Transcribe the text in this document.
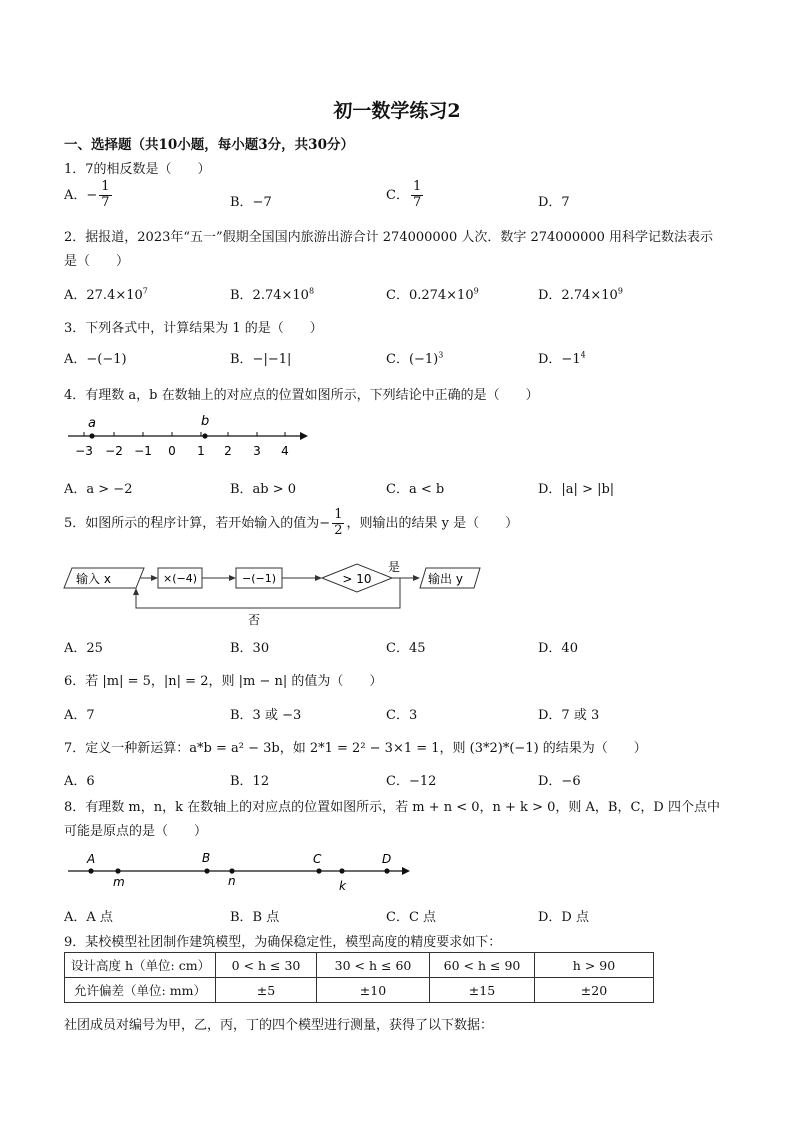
初一数学练习2
一、选择题（共10小题，每小题3分，共30分）
1．7的相反数是（　　）
A．− $\frac{1}{7}$	B．−7	C． $\frac{1}{7}$	D．7
2．据报道，2023年“五一”假期全国国内旅游出游合计 274000000 人次．数字 274000000 用科学记数法表示
是（　　）
A．$27.4\times 10^7$	B．$2.74\times 10^8$	C．$0.274\times 10^9$	D．$2.74\times 10^9$
3．下列各式中，计算结果为 1 的是（　　）
A．−(−1)	B．−|−1|	C．$(-1)^3$	D．$-1^4$
4．有理数 a，b 在数轴上的对应点的位置如图所示，下列结论中正确的是（　　）
a	b
−3 −2 −1 0 1 2 3 4
A．a > −2	B．ab > 0	C．a < b	D．|a| > |b|
5．如图所示的程序计算，若开始输入的值为− $\frac{1}{2}$ ，则输出的结果 y 是（　　）
输入 x	×(−4)	−(−1)	> 10
是
输出 y
否
A．25	B．30	C．45	D．40
6．若 |m| = 5，|n| = 2，则 |m − n| 的值为（　　）
A．7	B．3 或 −3	C．3	D．7 或 3
7．定义一种新运算：a*b = a² − 3b，如 2*1 = 2² − 3×1 = 1，则 (3*2)*(−1) 的结果为（　　）
A．6	B．12	C．−12	D．−6
8．有理数 m，n，k 在数轴上的对应点的位置如图所示，若 m + n < 0，n + k > 0，则 A，B，C，D 四个点中
可能是原点的是（　　）
A	B	C	D
m	n	k
A．A 点	B．B 点	C．C 点	D．D 点
9．某校模型社团制作建筑模型，为确保稳定性，模型高度的精度要求如下：
设计高度 h（单位: cm）	0 < h ≤ 30	30 < h ≤ 60	60 < h ≤ 90	h > 90
允许偏差（单位: mm）	±5	±10	±15	±20
社团成员对编号为甲，乙，丙，丁的四个模型进行测量，获得了以下数据：
